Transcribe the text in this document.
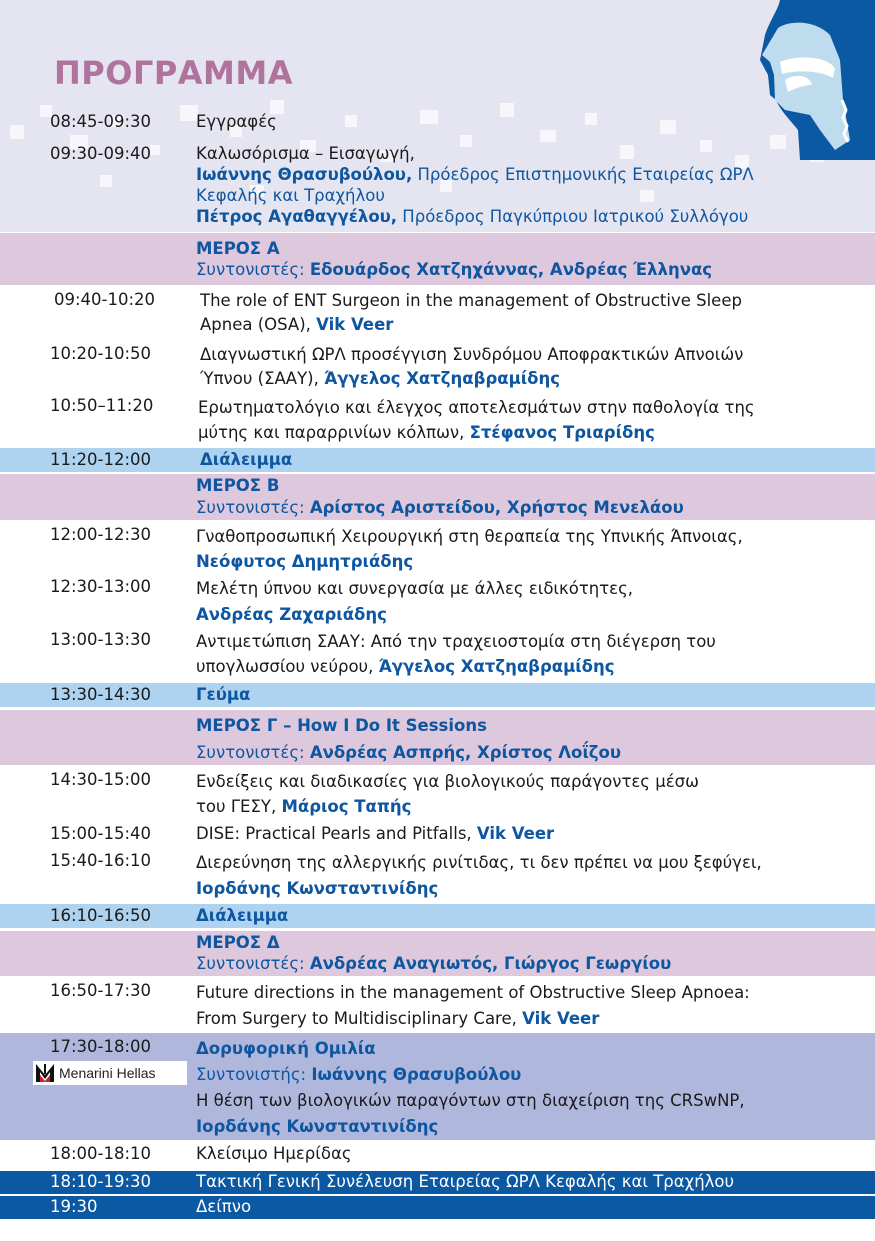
ΠΡΟΓΡΑΜΜΑ
08:45-09:30	Εγγραφές
09:30-09:40	Καλωσόρισμα – Εισαγωγή,
Ιωάννης Θρασυβούλου, Πρόεδρος Επιστημονικής Εταιρείας ΩΡΛ
Κεφαλής και Τραχήλου
Πέτρος Αγαθαγγέλου, Πρόεδρος Παγκύπριου Ιατρικού Συλλόγου
ΜΕΡΟΣ Α
Συντονιστές: Εδουάρδος Χατζηχάννας, Ανδρέας Έλληνας
09:40-10:20	The role of ENT Surgeon in the management of Obstructive Sleep
Apnea (OSA), Vik Veer
10:20-10:50	Διαγνωστική ΩΡΛ προσέγγιση Συνδρόμου Αποφρακτικών Απνοιών
Ύπνου (ΣΑΑΥ), Άγγελος Χατζηαβραμίδης
10:50–11:20	Ερωτηματολόγιο και έλεγχος αποτελεσμάτων στην παθολογία της
μύτης και παραρρινίων κόλπων, Στέφανος Τριαρίδης
11:20-12:00	Διάλειμμα
ΜΕΡΟΣ Β
Συντονιστές: Αρίστος Αριστείδου, Χρήστος Μενελάου
12:00-12:30	Γναθοπροσωπική Χειρουργική στη θεραπεία της Υπνικής Άπνοιας,
Νεόφυτος Δημητριάδης
12:30-13:00	Μελέτη ύπνου και συνεργασία με άλλες ειδικότητες,
Ανδρέας Ζαχαριάδης
13:00-13:30	Αντιμετώπιση ΣΑΑΥ: Από την τραχειοστομία στη διέγερση του
υπογλωσσίου νεύρου, Άγγελος Χατζηαβραμίδης
13:30-14:30	Γεύμα
ΜΕΡΟΣ Γ – How I Do It Sessions
Συντονιστές: Ανδρέας Ασπρής, Χρίστος Λοΐζου
14:30-15:00	Ενδείξεις και διαδικασίες για βιολογικούς παράγοντες μέσω
του ΓΕΣΥ, Μάριος Ταπής
15:00-15:40	DISE: Practical Pearls and Pitfalls, Vik Veer
15:40-16:10	Διερεύνηση της αλλεργικής ρινίτιδας, τι δεν πρέπει να μου ξεφύγει,
Ιορδάνης Κωνσταντινίδης
16:10-16:50	Διάλειμμα
ΜΕΡΟΣ Δ
Συντονιστές: Ανδρέας Αναγιωτός, Γιώργος Γεωργίου
16:50-17:30	Future directions in the management of Obstructive Sleep Apnoea:
From Surgery to Multidisciplinary Care, Vik Veer
17:30-18:00	Δορυφορική Ομιλία
Συντονιστής: Ιωάννης Θρασυβούλου
Η θέση των βιολογικών παραγόντων στη διαχείριση της CRSwNP,
Ιορδάνης Κωνσταντινίδης
Menarini Hellas
18:00-18:10	Κλείσιμο Ημερίδας
18:10-19:30	Τακτική Γενική Συνέλευση Εταιρείας ΩΡΛ Κεφαλής και Τραχήλου
19:30	Δείπνο
